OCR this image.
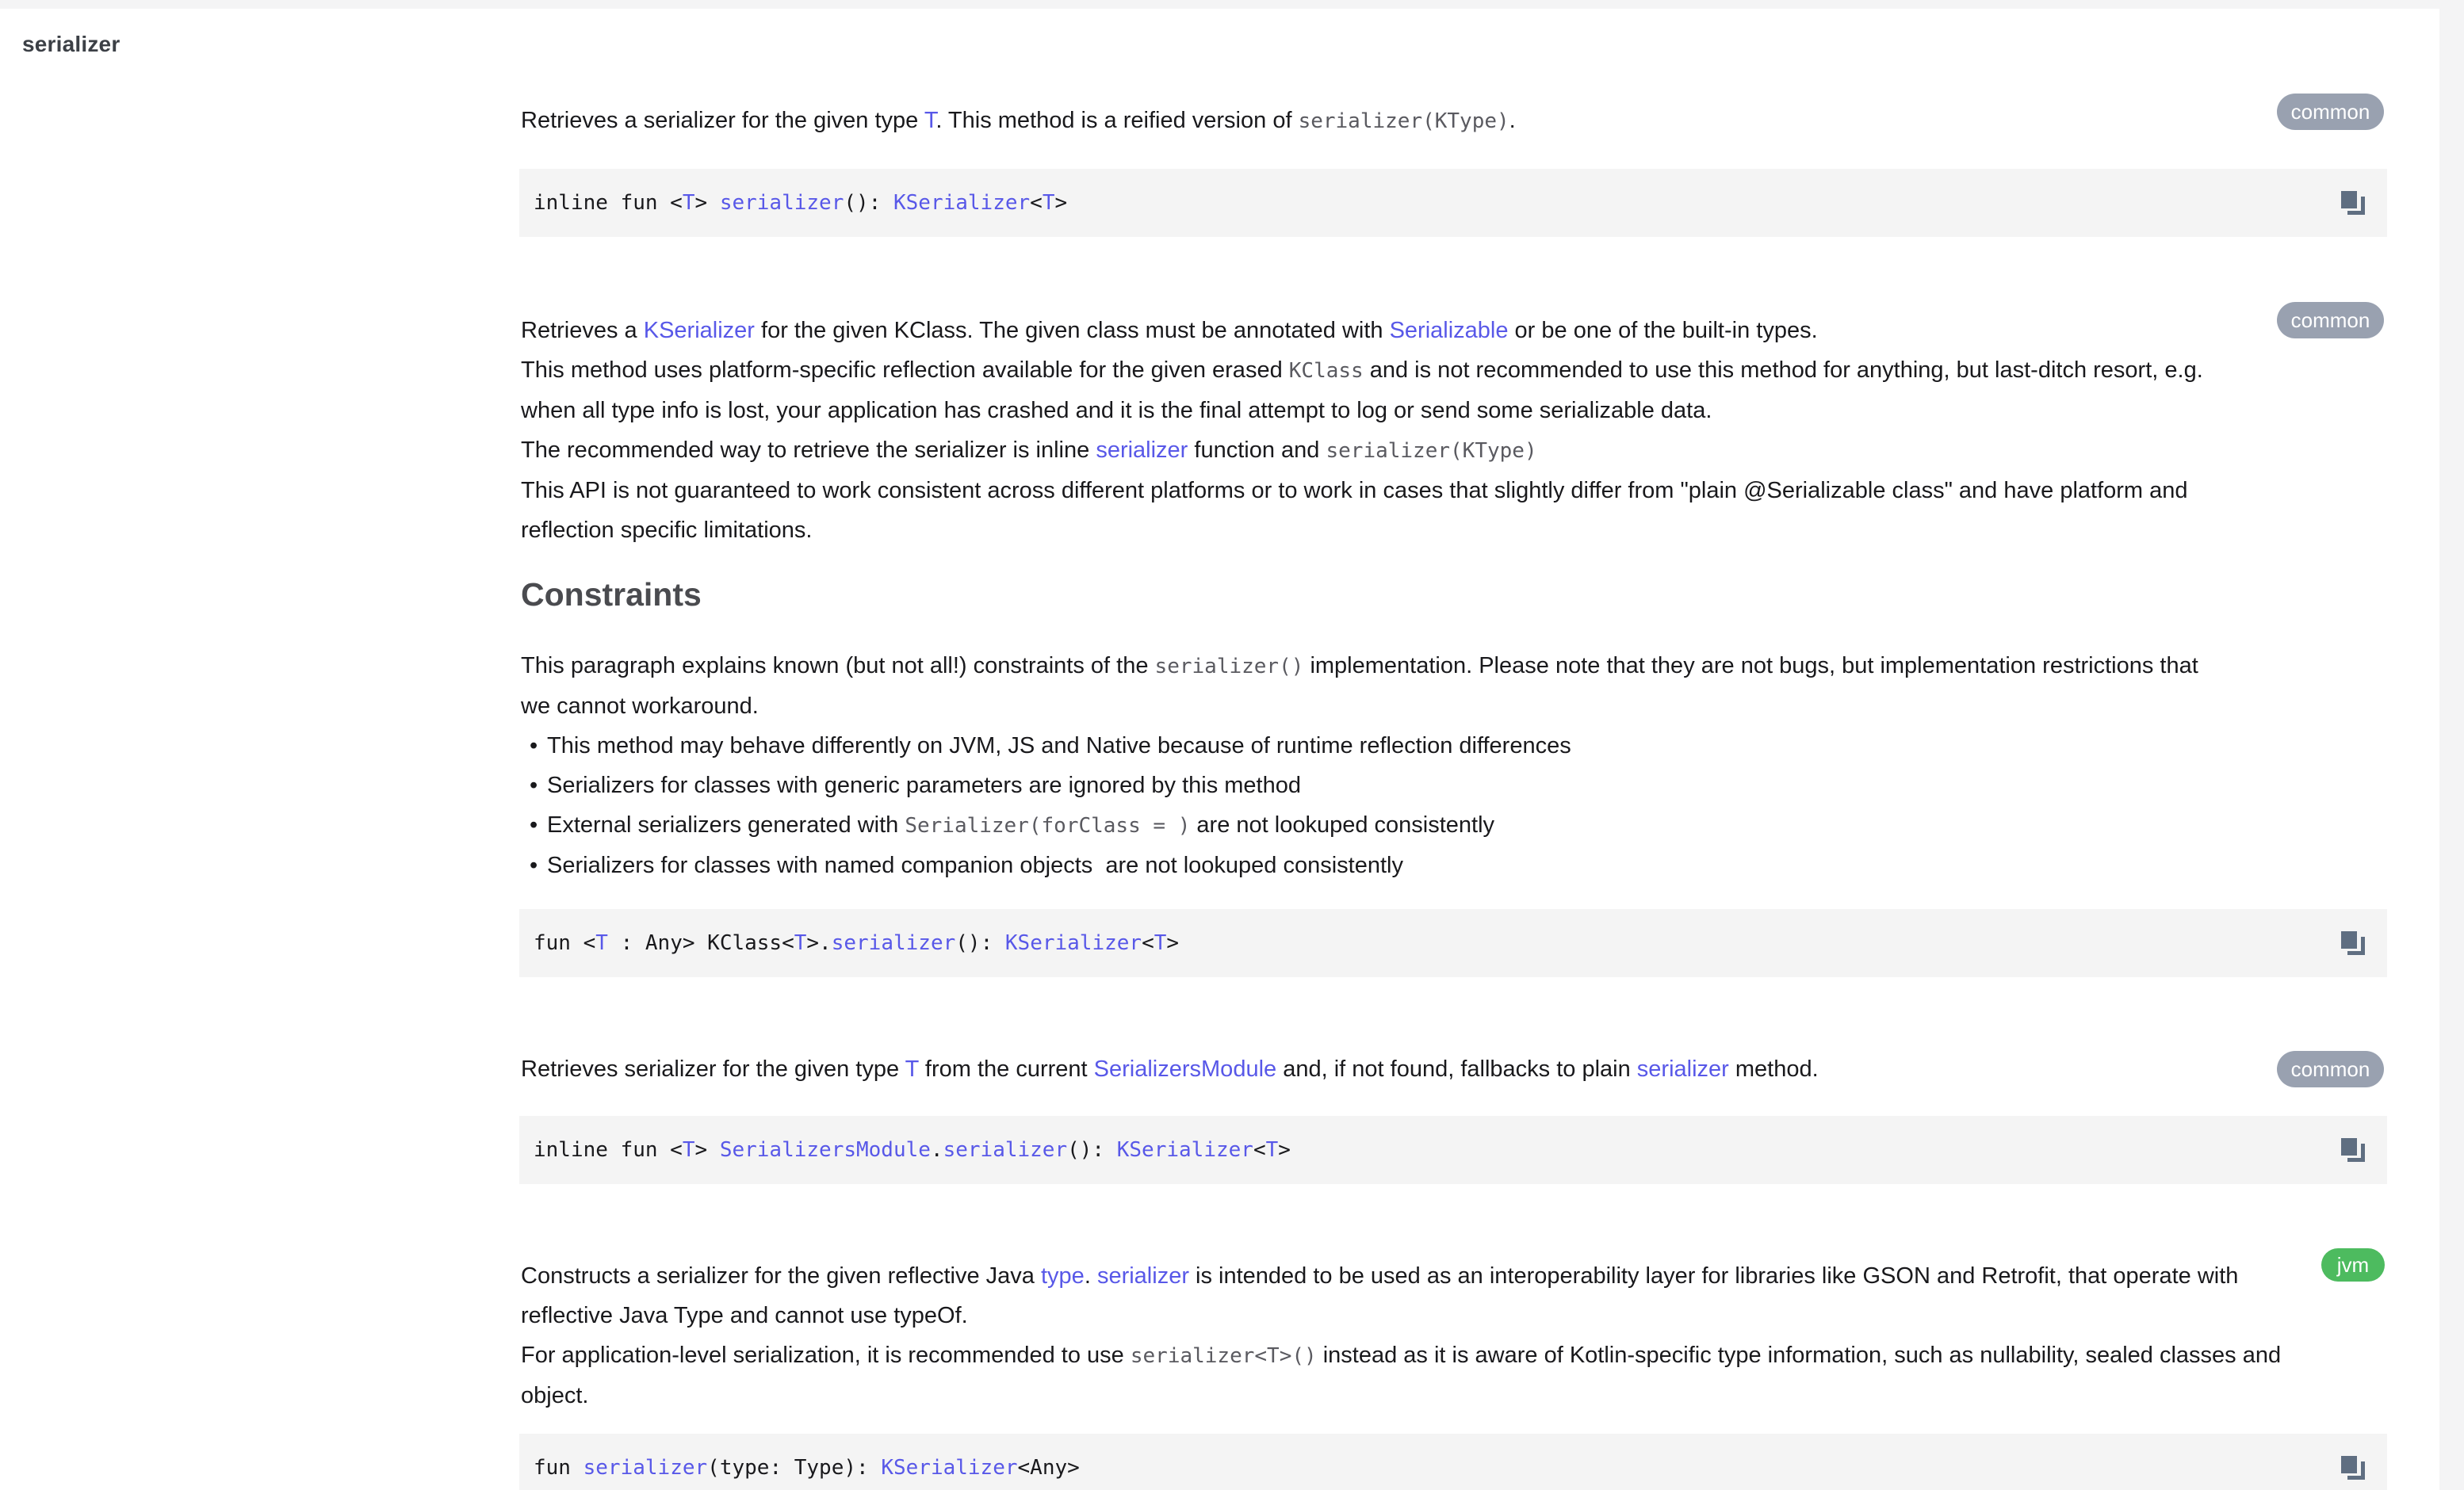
serializer
common
Retrieves a serializer for the given type T. This method is a reified version of serializer(KType).
inline fun <T> serializer(): KSerializer<T>
common
Retrieves a KSerializer for the given KClass. The given class must be annotated with Serializable or be one of the built-in types.
This method uses platform-specific reflection available for the given erased KClass and is not recommended to use this method for anything, but last-ditch resort, e.g.
when all type info is lost, your application has crashed and it is the final attempt to log or send some serializable data.
The recommended way to retrieve the serializer is inline serializer function and serializer(KType)
This API is not guaranteed to work consistent across different platforms or to work in cases that slightly differ from "plain @Serializable class" and have platform and
reflection specific limitations.
Constraints
This paragraph explains known (but not all!) constraints of the serializer() implementation. Please note that they are not bugs, but implementation restrictions that
we cannot workaround.
• This method may behave differently on JVM, JS and Native because of runtime reflection differences
• Serializers for classes with generic parameters are ignored by this method
• External serializers generated with Serializer(forClass = ) are not lookuped consistently
• Serializers for classes with named companion objects  are not lookuped consistently
fun <T : Any> KClass<T>.serializer(): KSerializer<T>
common
Retrieves serializer for the given type T from the current SerializersModule and, if not found, fallbacks to plain serializer method.
inline fun <T> SerializersModule.serializer(): KSerializer<T>
jvm
Constructs a serializer for the given reflective Java type. serializer is intended to be used as an interoperability layer for libraries like GSON and Retrofit, that operate with
reflective Java Type and cannot use typeOf.
For application-level serialization, it is recommended to use serializer<T>() instead as it is aware of Kotlin-specific type information, such as nullability, sealed classes and
object.
fun serializer(type: Type): KSerializer<Any>
